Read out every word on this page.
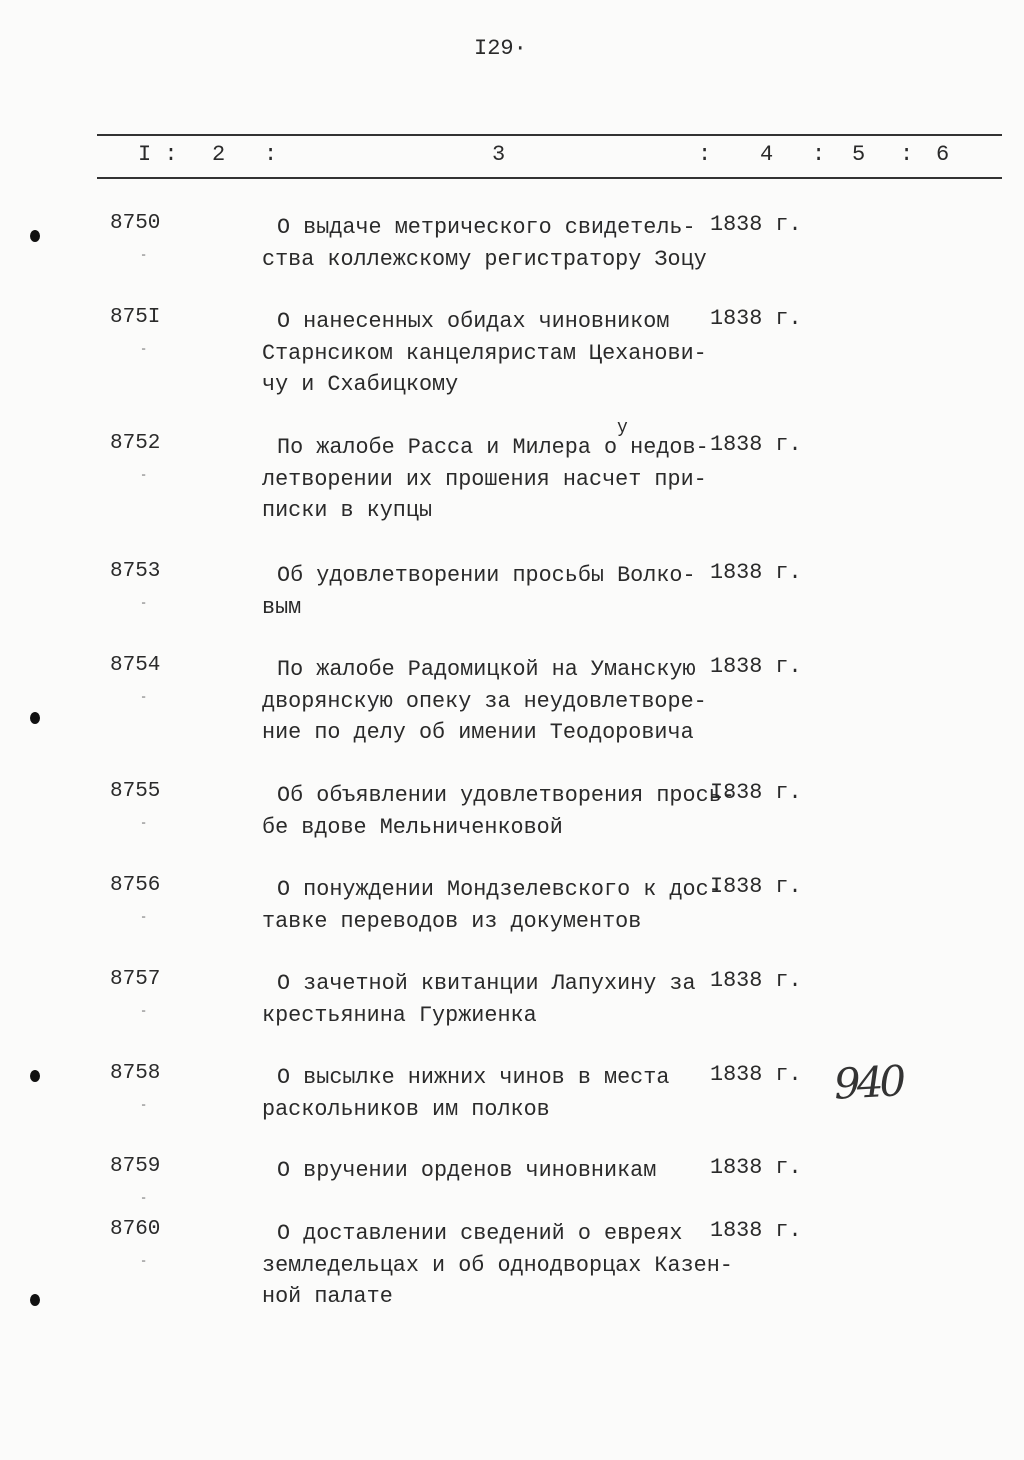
I29·
I : 2 :	3	: 4 : 5 : 6
8750
-
О выдаче метрического свидетель-
ства коллежскому регистратору Зоцу
1838 г.
875I
-
О нанесенных обидах чиновником
Старнсиком канцеляристам Цеханови-
чу и Схабицкому
1838 г.
8752
-
По жалобе Расса и Милера о недов-
летворении их прошения насчет при-
писки в купцы
1838 г.
8753
-
Об удовлетворении просьбы Волко-
вым
1838 г.
8754
-
По жалобе Радомицкой на Уманскую
дворянскую опеку за неудовлетворе-
ние по делу об имении Теодоровича
1838 г.
8755
-
Об объявлении удовлетворения прось-
бе вдове Мельниченковой
I838 г.
8756
-
О понуждении Мондзелевского к дос-
тавке переводов из документов
I838 г.
8757
-
О зачетной квитанции Лапухину за
крестьянина Гуржиенка
1838 г.
8758
-
О высылке нижних чинов в места
раскольников им полков
1838 г.
8759
-
О вручении орденов чиновникам 1838 г.
8760
-
О доставлении сведений о евреях
земледельцах и об однодворцах Казен-
ной палате
1838 г.
у
940
